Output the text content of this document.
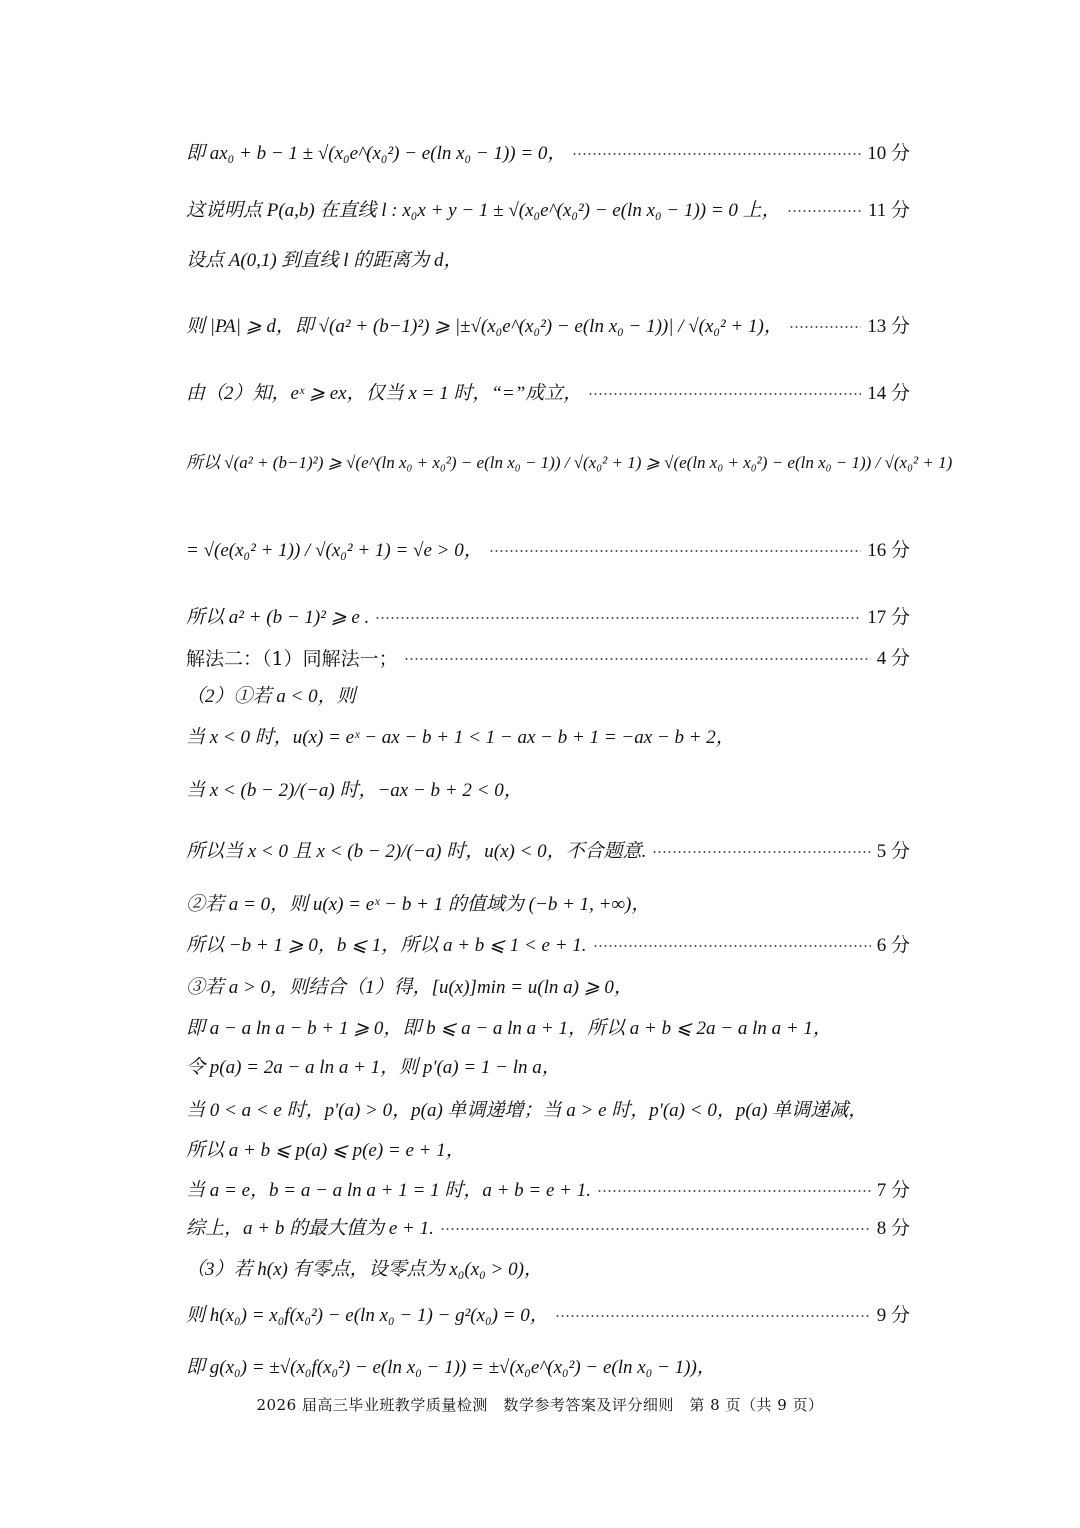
即 ax₀ + b − 1 ± √(x₀e^(x₀²) − e(ln x₀ − 1)) = 0，	10 分
这说明点 P(a,b) 在直线 l : x₀x + y − 1 ± √(x₀e^(x₀²) − e(ln x₀ − 1)) = 0 上，	11 分
设点 A(0,1) 到直线 l 的距离为 d，
则 |PA| ⩾ d，即 √(a² + (b−1)²) ⩾ |±√(x₀e^(x₀²) − e(ln x₀ − 1))| / √(x₀² + 1)，	13 分
由（2）知，eˣ ⩾ ex，仅当 x = 1 时，“=”成立，	14 分
所以 √(a² + (b−1)²) ⩾ √(e^(ln x₀ + x₀²) − e(ln x₀ − 1)) / √(x₀² + 1) ⩾ √(e(ln x₀ + x₀²) − e(ln x₀ − 1)) / √(x₀² + 1)
= √(e(x₀² + 1)) / √(x₀² + 1) = √e > 0，	16 分
所以 a² + (b − 1)² ⩾ e .	17 分
解法二：（1）同解法一；	4 分
（2）①若 a < 0，则
当 x < 0 时，u(x) = eˣ − ax − b + 1 < 1 − ax − b + 1 = −ax − b + 2，
当 x < (b − 2)/(−a) 时，−ax − b + 2 < 0，
所以当 x < 0 且 x < (b − 2)/(−a) 时，u(x) < 0，不合题意.	5 分
②若 a = 0，则 u(x) = eˣ − b + 1 的值域为 (−b + 1, +∞)，
所以 −b + 1 ⩾ 0，b ⩽ 1，所以 a + b ⩽ 1 < e + 1.	6 分
③若 a > 0，则结合（1）得，[u(x)]min = u(ln a) ⩾ 0，
即 a − a ln a − b + 1 ⩾ 0，即 b ⩽ a − a ln a + 1，所以 a + b ⩽ 2a − a ln a + 1，
令 p(a) = 2a − a ln a + 1，则 p'(a) = 1 − ln a，
当 0 < a < e 时，p'(a) > 0，p(a) 单调递增；当 a > e 时，p'(a) < 0，p(a) 单调递减，
所以 a + b ⩽ p(a) ⩽ p(e) = e + 1，
当 a = e，b = a − a ln a + 1 = 1 时，a + b = e + 1.	7 分
综上，a + b 的最大值为 e + 1.	8 分
（3）若 h(x) 有零点，设零点为 x₀(x₀ > 0)，
则 h(x₀) = x₀f(x₀²) − e(ln x₀ − 1) − g²(x₀) = 0，	9 分
即 g(x₀) = ±√(x₀f(x₀²) − e(ln x₀ − 1)) = ±√(x₀e^(x₀²) − e(ln x₀ − 1))，
2026 届高三毕业班教学质量检测　数学参考答案及评分细则　第 8 页（共 9 页）
